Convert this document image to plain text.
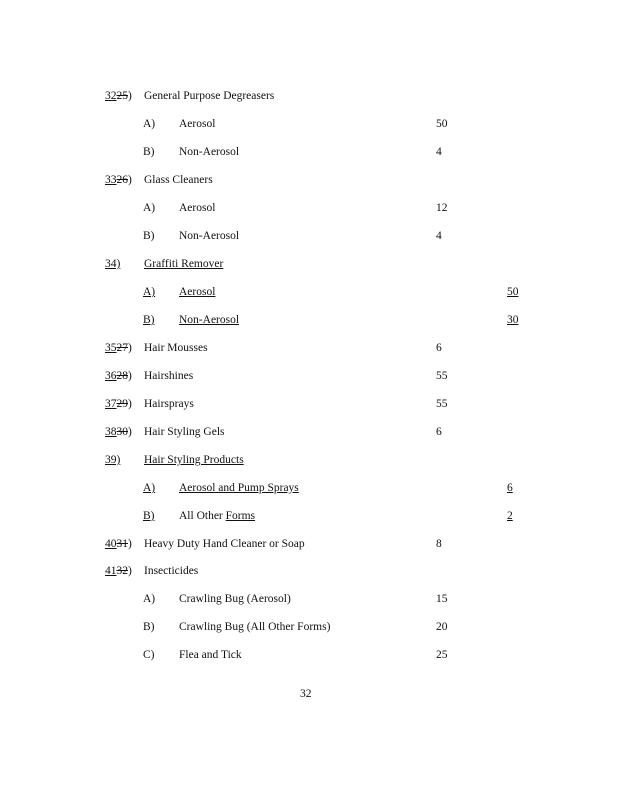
3225) General Purpose Degreasers
A) Aerosol	50
B) Non-Aerosol	4
3326) Glass Cleaners
A) Aerosol	12
B) Non-Aerosol	4
34) Graffiti Remover
A) Aerosol	50
B) Non-Aerosol	30
3527) Hair Mousses	6
3628) Hairshines	55
3729) Hairsprays	55
3830) Hair Styling Gels	6
39) Hair Styling Products
A) Aerosol and Pump Sprays	6
B) All Other Forms	2
4031) Heavy Duty Hand Cleaner or Soap	8
4132) Insecticides
A) Crawling Bug (Aerosol)	15
B) Crawling Bug (All Other Forms)	20
C) Flea and Tick	25
32
